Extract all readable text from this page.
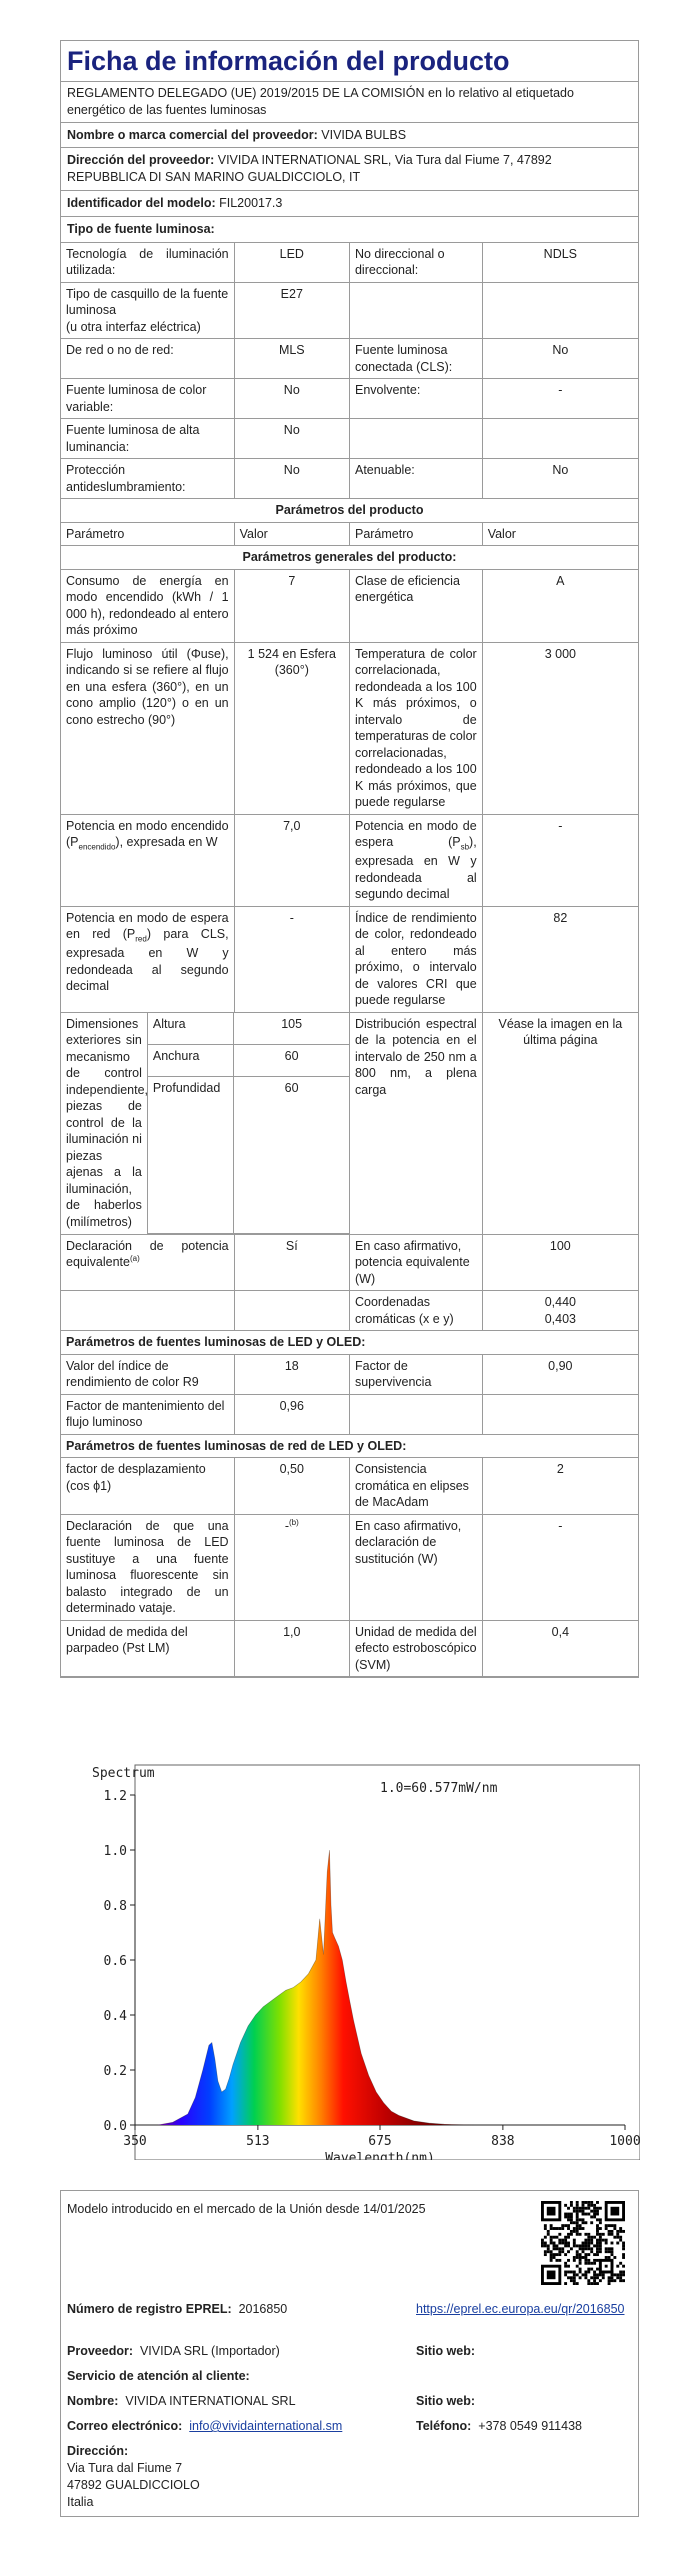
Ficha de información del producto
REGLAMENTO DELEGADO (UE) 2019/2015 DE LA COMISIÓN en lo relativo al etiquetado energético de las fuentes luminosas
Nombre o marca comercial del proveedor: VIVIDA BULBS
Dirección del proveedor: VIVIDA INTERNATIONAL SRL, Via Tura dal Fiume 7, 47892 REPUBBLICA DI SAN MARINO GUALDICCIOLO, IT
Identificador del modelo: FIL20017.3
Tipo de fuente luminosa:
Tecnología de iluminación utilizada:	LED	No direccional o direccional:	NDLS
Tipo de casquillo de la fuente luminosa
(u otra interfaz eléctrica)	E27		
De red o no de red:	MLS	Fuente luminosa conectada (CLS):	No
Fuente luminosa de color variable:	No	Envolvente:	-
Fuente luminosa de alta luminancia:	No		
Protección antideslumbramiento:	No	Atenuable:	No
Parámetros del producto
Parámetro	Valor	Parámetro	Valor
Parámetros generales del producto:
Consumo de energía en modo encendido (kWh / 1 000 h), redondeado al entero más próximo	7	Clase de eficiencia energética	A
Flujo luminoso útil (Φuse), indicando si se refiere al flujo en una esfera (360°), en un cono amplio (120°) o en un cono estrecho (90°)	1 524 en Esfera (360°)	Temperatura de color correlacionada, redondeada a los 100 K más próximos, o intervalo de temperaturas de color correlacionadas, redondeado a los 100 K más próximos, que puede regularse	3 000
Potencia en modo encendido $(P_{encendido})$, expresada en W	7,0	Potencia en modo de espera $(P_{sb})$, expresada en W y redondeada al segundo decimal	-
Potencia en modo de espera en red $(P_{red})$ para CLS, expresada en W y redondeada al segundo decimal	-	Índice de rendimiento de color, redondeado al entero más próximo, o intervalo de valores CRI que puede regularse	82

Dimensiones exteriores sin mecanismo de control independiente, piezas de control de la iluminación ni piezas ajenas a la iluminación, de haberlos (milímetros)	Altura	105
Anchura	60
Profundidad	60
	Distribución espectral de la potencia en el intervalo de 250 nm a 800 nm, a plena carga	Véase la imagen en la última página
Declaración de potencia equivalente$^{(a)}$	Sí	En caso afirmativo, potencia equivalente (W)	100
		Coordenadas cromáticas (x e y)	0,440
0,403
Parámetros de fuentes luminosas de LED y OLED:
Valor del índice de rendimiento de color R9	18	Factor de supervivencia	0,90
Factor de mantenimiento del flujo luminoso	0,96		
Parámetros de fuentes luminosas de red de LED y OLED:
factor de desplazamiento (cos ϕ1)	0,50	Consistencia cromática en elipses de MacAdam	2
Declaración de que una fuente luminosa de LED sustituye a una fuente luminosa fluorescente sin balasto integrado de un determinado vataje.	-$^{(b)}$	En caso afirmativo, declaración de sustitución (W)	-
Unidad de medida del parpadeo (Pst LM)	1,0	Unidad de medida del efecto estroboscópico (SVM)	0,4
Spectrum
1.0=60.577mW/nm
0.0
0.2
0.4
0.6
0.8
1.0
1.2
350	513	675	838	1000
Wavelength(nm)
Modelo introducido en el mercado de la Unión desde 14/01/2025
Número de registro EPREL: 2016850	https://eprel.ec.europa.eu/qr/2016850
Proveedor: VIVIDA SRL (Importador)	Sitio web:
Servicio de atención al cliente:
Nombre: VIVIDA INTERNATIONAL SRL	Sitio web:
Correo electrónico: info@vividainternational.sm	Teléfono: +378 0549 911438
Dirección:
Via Tura dal Fiume 7
47892 GUALDICCIOLO
Italia
